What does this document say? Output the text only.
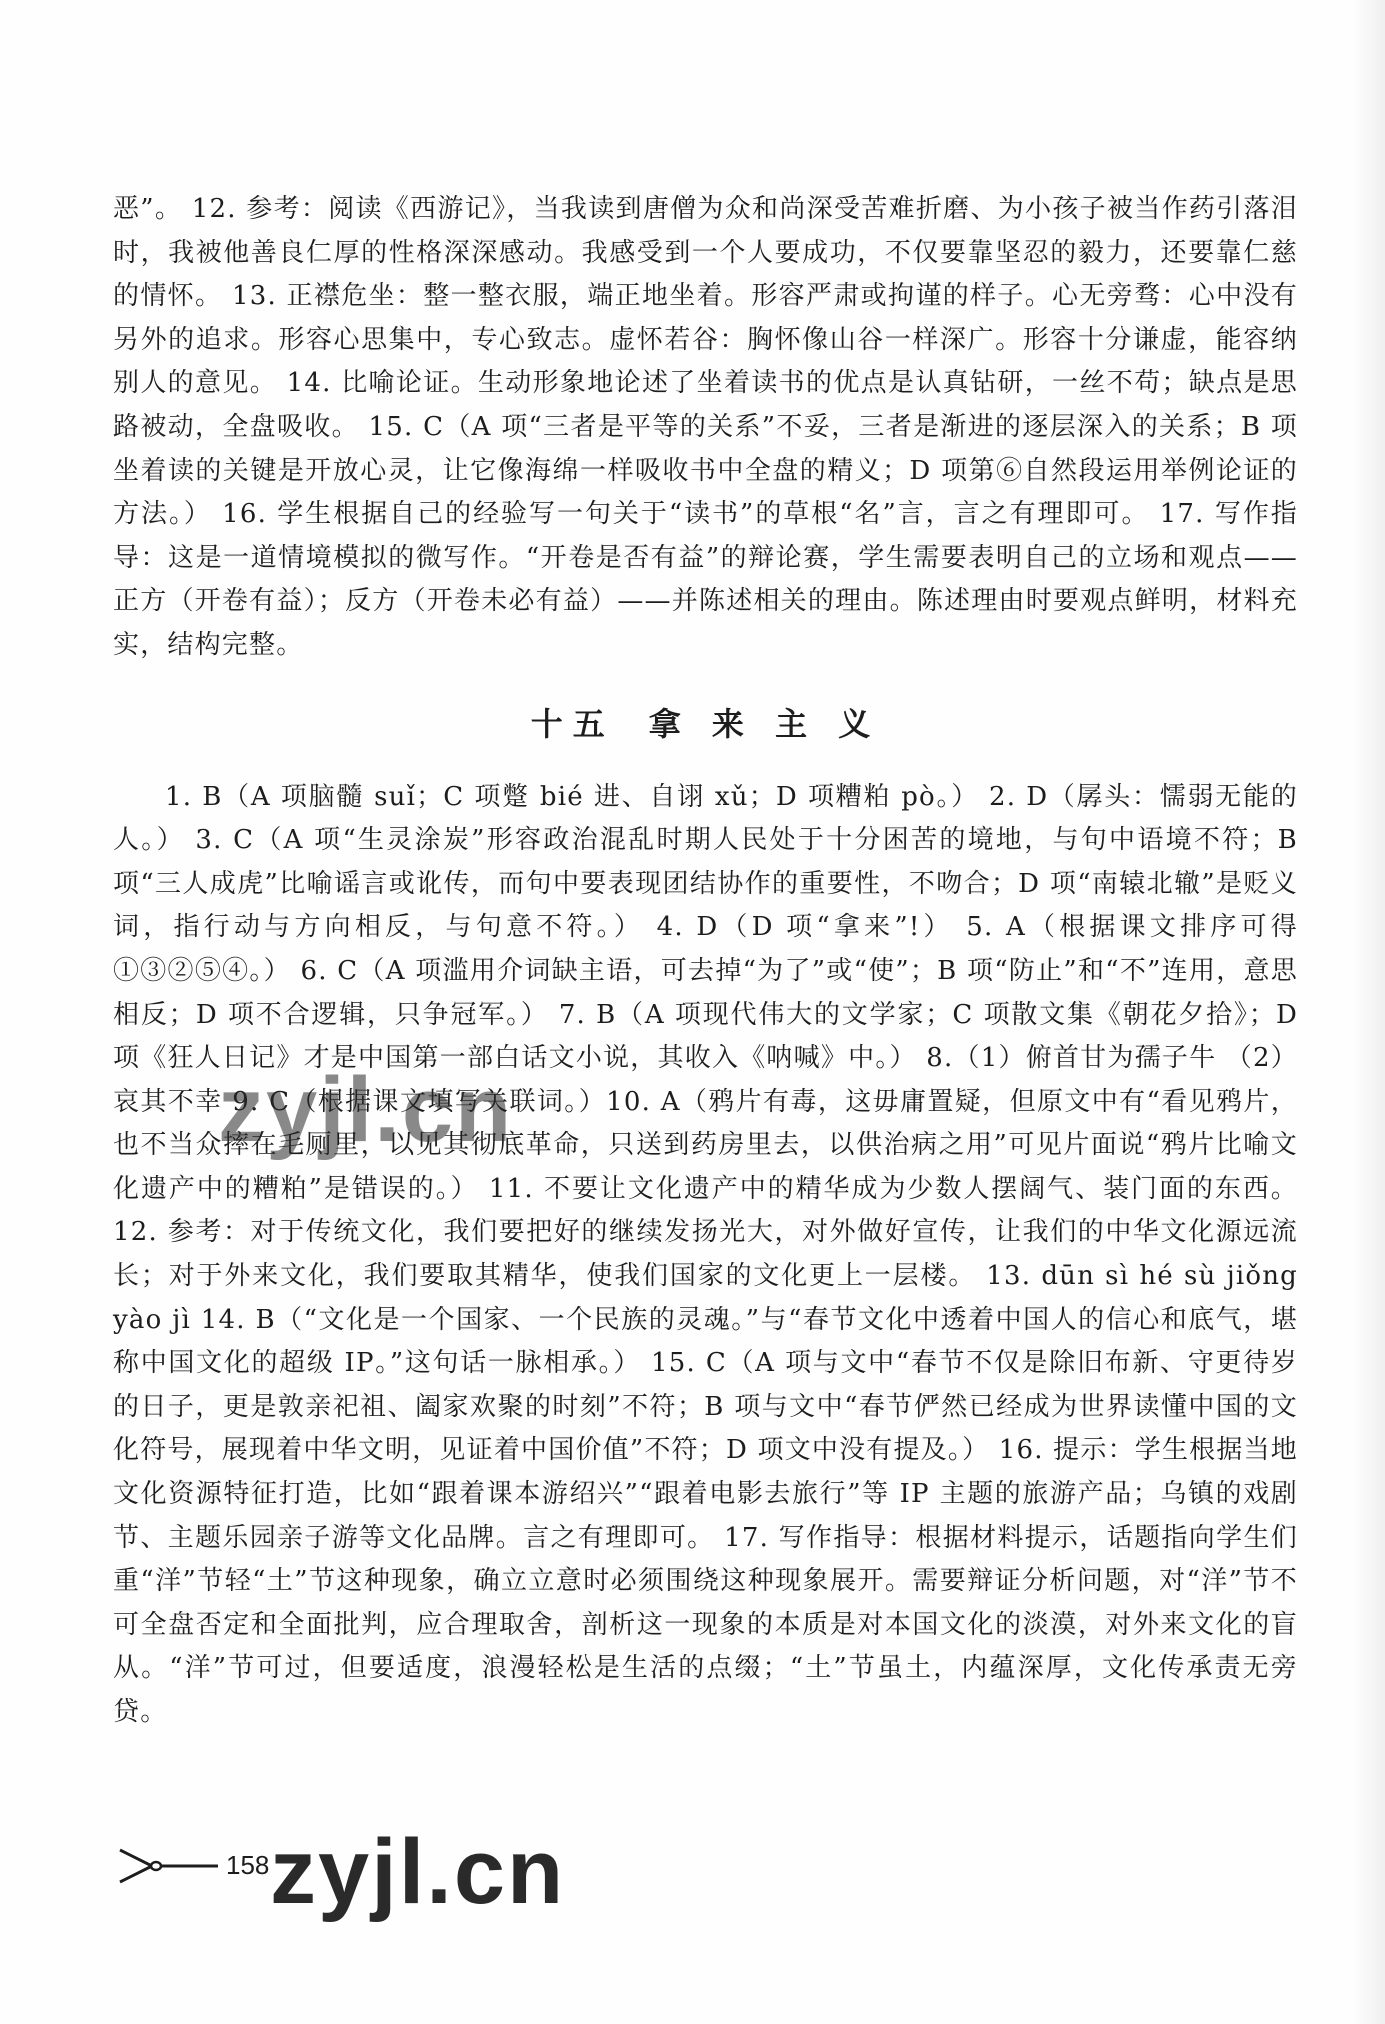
恶”。 12. 参考：阅读《西游记》，当我读到唐僧为众和尚深受苦难折磨、为小孩子被当作药引落泪时，我被他善良仁厚的性格深深感动。我感受到一个人要成功，不仅要靠坚忍的毅力，还要靠仁慈的情怀。 13. 正襟危坐：整一整衣服，端正地坐着。形容严肃或拘谨的样子。心无旁骛：心中没有另外的追求。形容心思集中，专心致志。虚怀若谷：胸怀像山谷一样深广。形容十分谦虚，能容纳别人的意见。 14. 比喻论证。生动形象地论述了坐着读书的优点是认真钻研，一丝不苟；缺点是思路被动，全盘吸收。 15. C（A 项“三者是平等的关系”不妥，三者是渐进的逐层深入的关系；B 项坐着读的关键是开放心灵，让它像海绵一样吸收书中全盘的精义；D 项第⑥自然段运用举例论证的方法。） 16. 学生根据自己的经验写一句关于“读书”的草根“名”言，言之有理即可。 17. 写作指导：这是一道情境模拟的微写作。“开卷是否有益”的辩论赛，学生需要表明自己的立场和观点——正方（开卷有益）；反方（开卷未必有益）——并陈述相关的理由。陈述理由时要观点鲜明，材料充实，结构完整。

十五 拿 来 主 义

1. B（A 项脑髓 suǐ；C 项蹩 bié 进、自诩 xǔ；D 项糟粕 pò。） 2. D（孱头：懦弱无能的人。） 3. C（A 项“生灵涂炭”形容政治混乱时期人民处于十分困苦的境地，与句中语境不符；B 项“三人成虎”比喻谣言或讹传，而句中要表现团结协作的重要性，不吻合；D 项“南辕北辙”是贬义词，指行动与方向相反，与句意不符。） 4. D（D 项“拿来”!） 5. A（根据课文排序可得①③②⑤④。） 6. C（A 项滥用介词缺主语，可去掉“为了”或“使”；B 项“防止”和“不”连用，意思相反；D 项不合逻辑，只争冠军。） 7. B（A 项现代伟大的文学家；C 项散文集《朝花夕拾》；D 项《狂人日记》才是中国第一部白话文小说，其收入《呐喊》中。） 8.（1）俯首甘为孺子牛 （2）哀其不幸 9. C（根据课文填写关联词。）10. A（鸦片有毒，这毋庸置疑，但原文中有“看见鸦片，也不当众摔在毛厕里，以见其彻底革命，只送到药房里去，以供治病之用”可见片面说“鸦片比喻文化遗产中的糟粕”是错误的。） 11. 不要让文化遗产中的精华成为少数人摆阔气、装门面的东西。 12. 参考：对于传统文化，我们要把好的继续发扬光大，对外做好宣传，让我们的中华文化源远流长；对于外来文化，我们要取其精华，使我们国家的文化更上一层楼。 13. dūn sì hé sù jiǒng yào jì 14. B（“文化是一个国家、一个民族的灵魂。”与“春节文化中透着中国人的信心和底气，堪称中国文化的超级 IP。”这句话一脉相承。） 15. C（A 项与文中“春节不仅是除旧布新、守更待岁的日子，更是敦亲祀祖、阖家欢聚的时刻”不符；B 项与文中“春节俨然已经成为世界读懂中国的文化符号，展现着中华文明，见证着中国价值”不符；D 项文中没有提及。） 16. 提示：学生根据当地文化资源特征打造，比如“跟着课本游绍兴”“跟着电影去旅行”等 IP 主题的旅游产品；乌镇的戏剧节、主题乐园亲子游等文化品牌。言之有理即可。 17. 写作指导：根据材料提示，话题指向学生们重“洋”节轻“土”节这种现象，确立立意时必须围绕这种现象展开。需要辩证分析问题，对“洋”节不可全盘否定和全面批判，应合理取舍，剖析这一现象的本质是对本国文化的淡漠，对外来文化的盲从。“洋”节可过，但要适度，浪漫轻松是生活的点缀；“土”节虽土，内蕴深厚，文化传承责无旁贷。

zyjl.cn
158 zyjl.cn
